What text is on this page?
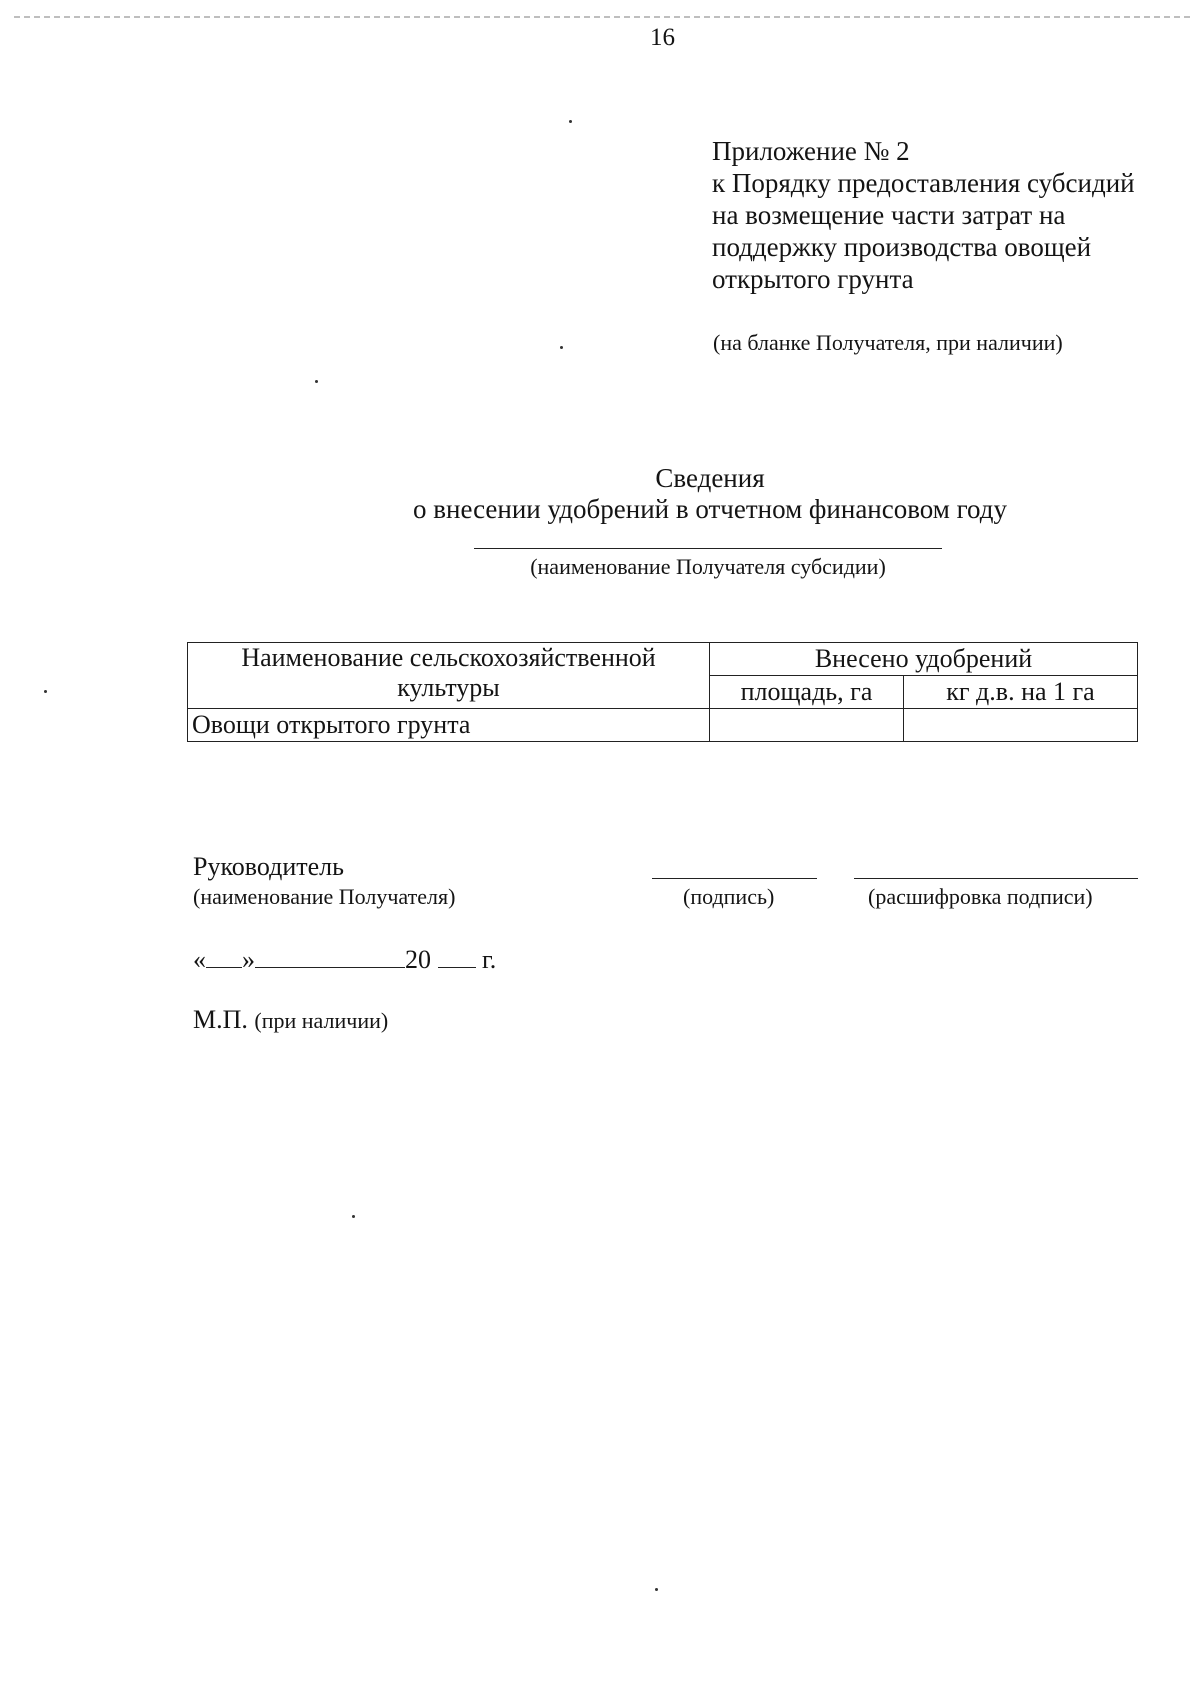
16
Приложение № 2
к Порядку предоставления субсидий
на возмещение части затрат на
поддержку производства овощей
открытого грунта
(на бланке Получателя, при наличии)
Сведения
о внесении удобрений в отчетном финансовом году
(наименование Получателя субсидии)
Наименование сельскохозяйственной культуры	Внесено удобрений	
	площадь, га	кг д.в. на 1 га
Овощи открытого грунта		
Руководитель
(наименование Получателя)	(подпись)	(расшифровка подписи)
« »	20 г.
М.П. (при наличии)
